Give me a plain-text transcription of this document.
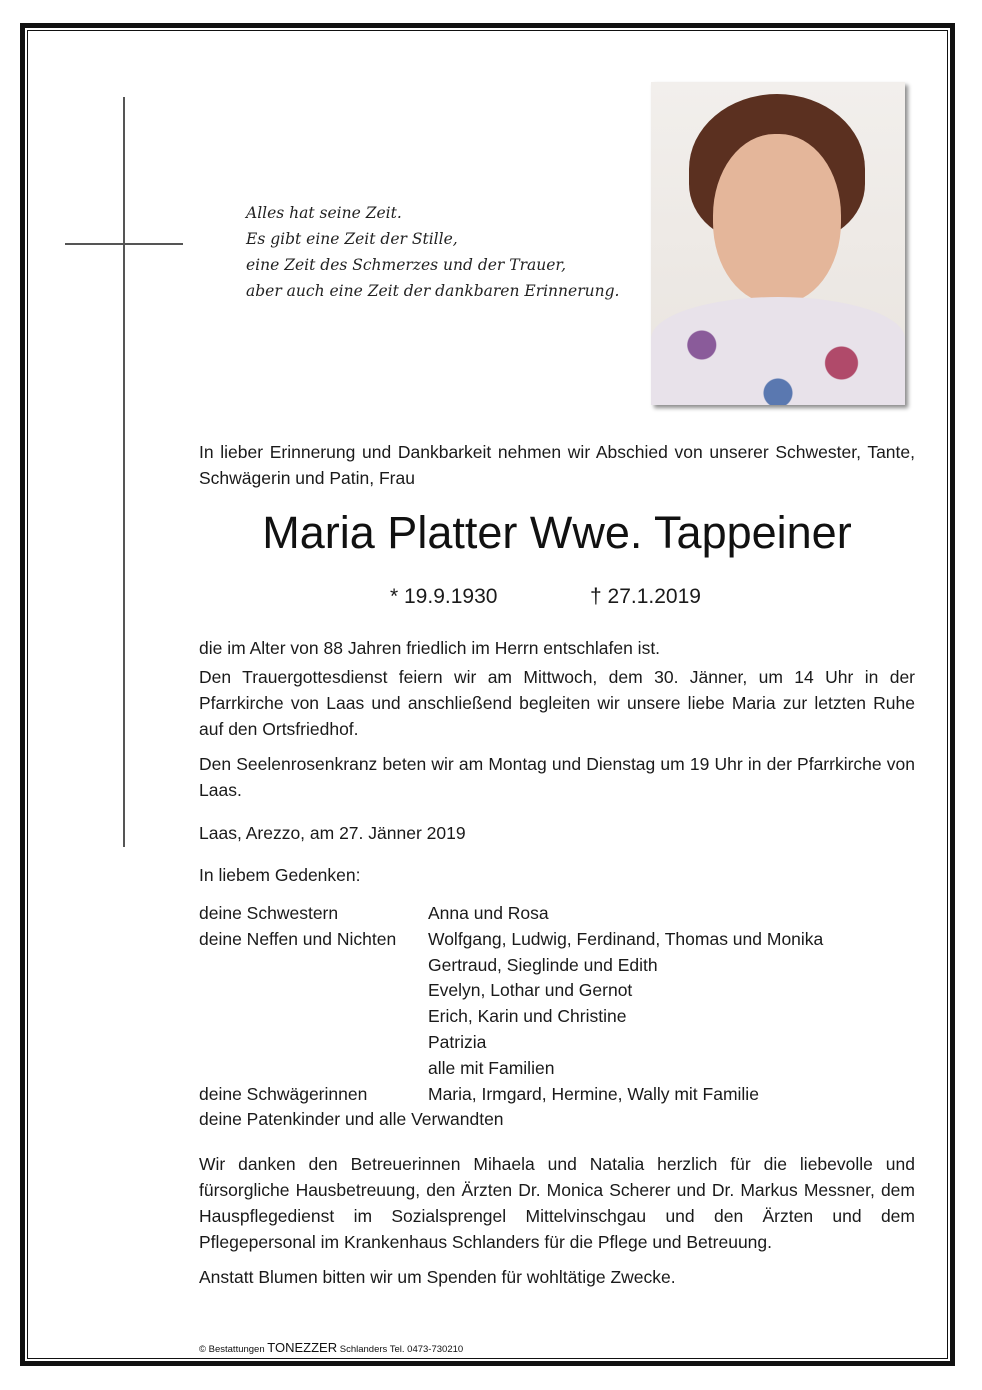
Alles hat seine Zeit.
Es gibt eine Zeit der Stille,
eine Zeit des Schmerzes und der Trauer,
aber auch eine Zeit der dankbaren Erinnerung.
In lieber Erinnerung und Dankbarkeit nehmen wir Abschied von unserer Schwester, Tante, Schwägerin und Patin, Frau
Maria Platter Wwe. Tappeiner
* 19.9.1930	† 27.1.2019
die im Alter von 88 Jahren friedlich im Herrn entschlafen ist.
Den Trauergottesdienst feiern wir am Mittwoch, dem 30. Jänner, um 14 Uhr in der Pfarrkirche von Laas und anschließend begleiten wir unsere liebe Maria zur letzten Ruhe auf den Ortsfriedhof.
Den Seelenrosenkranz beten wir am Montag und Dienstag um 19 Uhr in der Pfarrkirche von Laas.
Laas, Arezzo, am 27. Jänner 2019
In liebem Gedenken:
deine Schwestern	Anna und Rosa
deine Neffen und Nichten	Wolfgang, Ludwig, Ferdinand, Thomas und Monika
Gertraud, Sieglinde und Edith
Evelyn, Lothar und Gernot
Erich, Karin und Christine
Patrizia
alle mit Familien
deine Schwägerinnen	Maria, Irmgard, Hermine, Wally mit Familie
deine Patenkinder und alle Verwandten
Wir danken den Betreuerinnen Mihaela und Natalia herzlich für die liebevolle und fürsorgliche Hausbetreuung, den Ärzten Dr. Monica Scherer und Dr. Markus Messner, dem Hauspflegedienst im Sozialsprengel Mittelvinschgau und den Ärzten und dem Pflegepersonal im Krankenhaus Schlanders für die Pflege und Betreuung.
Anstatt Blumen bitten wir um Spenden für wohltätige Zwecke.
© Bestattungen TONEZZER Schlanders Tel. 0473-730210
